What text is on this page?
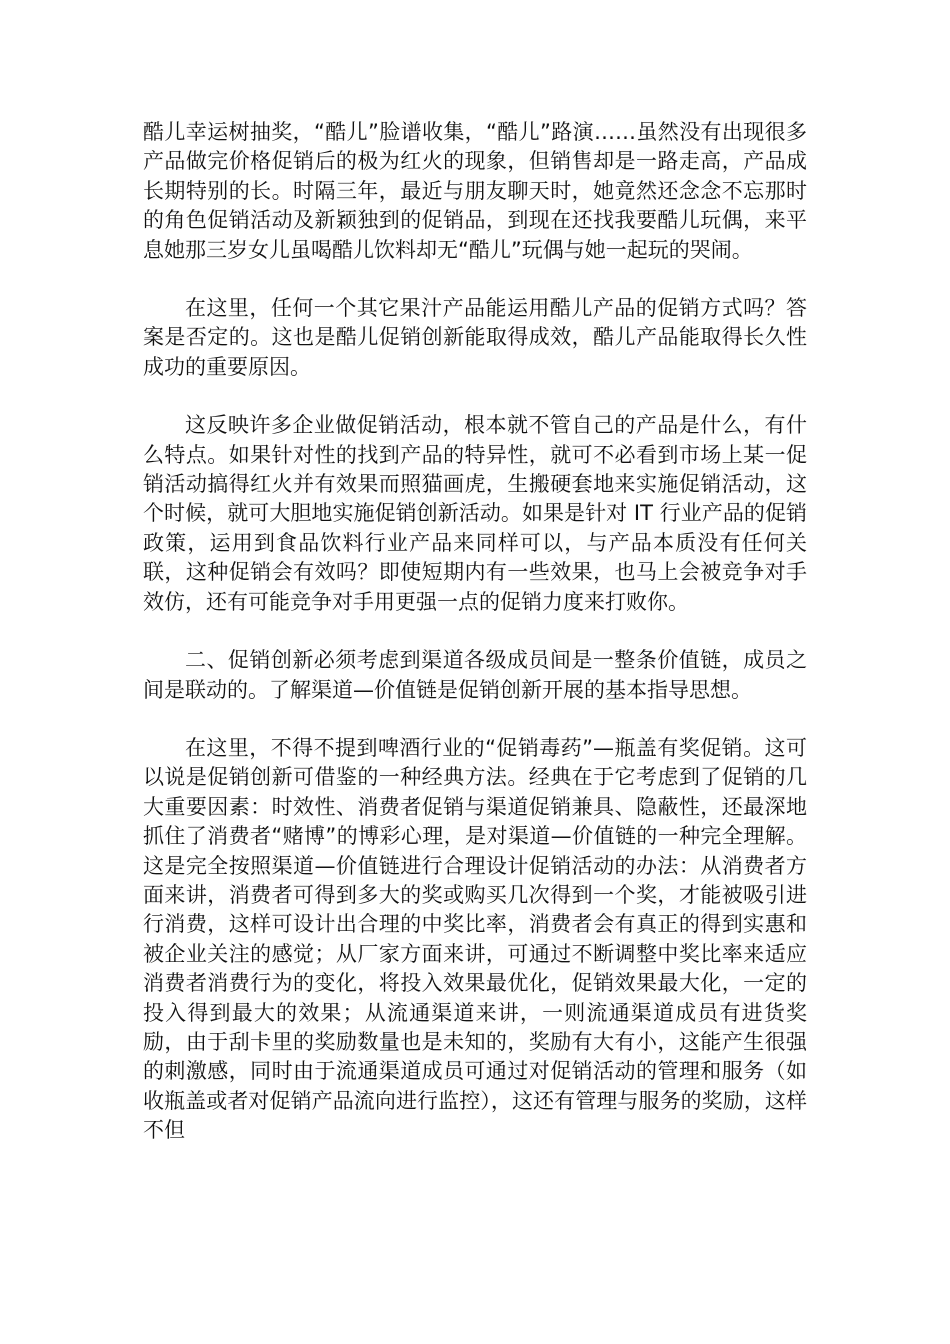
酷儿幸运树抽奖，“酷儿”脸谱收集，“酷儿”路演……虽然没有出现很多产品做完价格促销后的极为红火的现象，但销售却是一路走高，产品成长期特别的长。时隔三年，最近与朋友聊天时，她竟然还念念不忘那时的角色促销活动及新颖独到的促销品，到现在还找我要酷儿玩偶，来平息她那三岁女儿虽喝酷儿饮料却无“酷儿”玩偶与她一起玩的哭闹。

在这里，任何一个其它果汁产品能运用酷儿产品的促销方式吗？答案是否定的。这也是酷儿促销创新能取得成效，酷儿产品能取得长久性成功的重要原因。

这反映许多企业做促销活动，根本就不管自己的产品是什么，有什么特点。如果针对性的找到产品的特异性，就可不必看到市场上某一促销活动搞得红火并有效果而照猫画虎，生搬硬套地来实施促销活动，这个时候，就可大胆地实施促销创新活动。如果是针对 IT 行业产品的促销政策，运用到食品饮料行业产品来同样可以，与产品本质没有任何关联，这种促销会有效吗？即使短期内有一些效果，也马上会被竞争对手效仿，还有可能竞争对手用更强一点的促销力度来打败你。

二、促销创新必须考虑到渠道各级成员间是一整条价值链，成员之间是联动的。了解渠道—价值链是促销创新开展的基本指导思想。

在这里，不得不提到啤酒行业的“促销毒药”—瓶盖有奖促销。这可以说是促销创新可借鉴的一种经典方法。经典在于它考虑到了促销的几大重要因素：时效性、消费者促销与渠道促销兼具、隐蔽性，还最深地抓住了消费者“赌博”的博彩心理，是对渠道—价值链的一种完全理解。这是完全按照渠道—价值链进行合理设计促销活动的办法：从消费者方面来讲，消费者可得到多大的奖或购买几次得到一个奖，才能被吸引进行消费，这样可设计出合理的中奖比率，消费者会有真正的得到实惠和被企业关注的感觉；从厂家方面来讲，可通过不断调整中奖比率来适应消费者消费行为的变化，将投入效果最优化，促销效果最大化，一定的投入得到最大的效果；从流通渠道来讲，一则流通渠道成员有进货奖励，由于刮卡里的奖励数量也是未知的，奖励有大有小，这能产生很强的刺激感，同时由于流通渠道成员可通过对促销活动的管理和服务（如收瓶盖或者对促销产品流向进行监控），这还有管理与服务的奖励，这样不但
